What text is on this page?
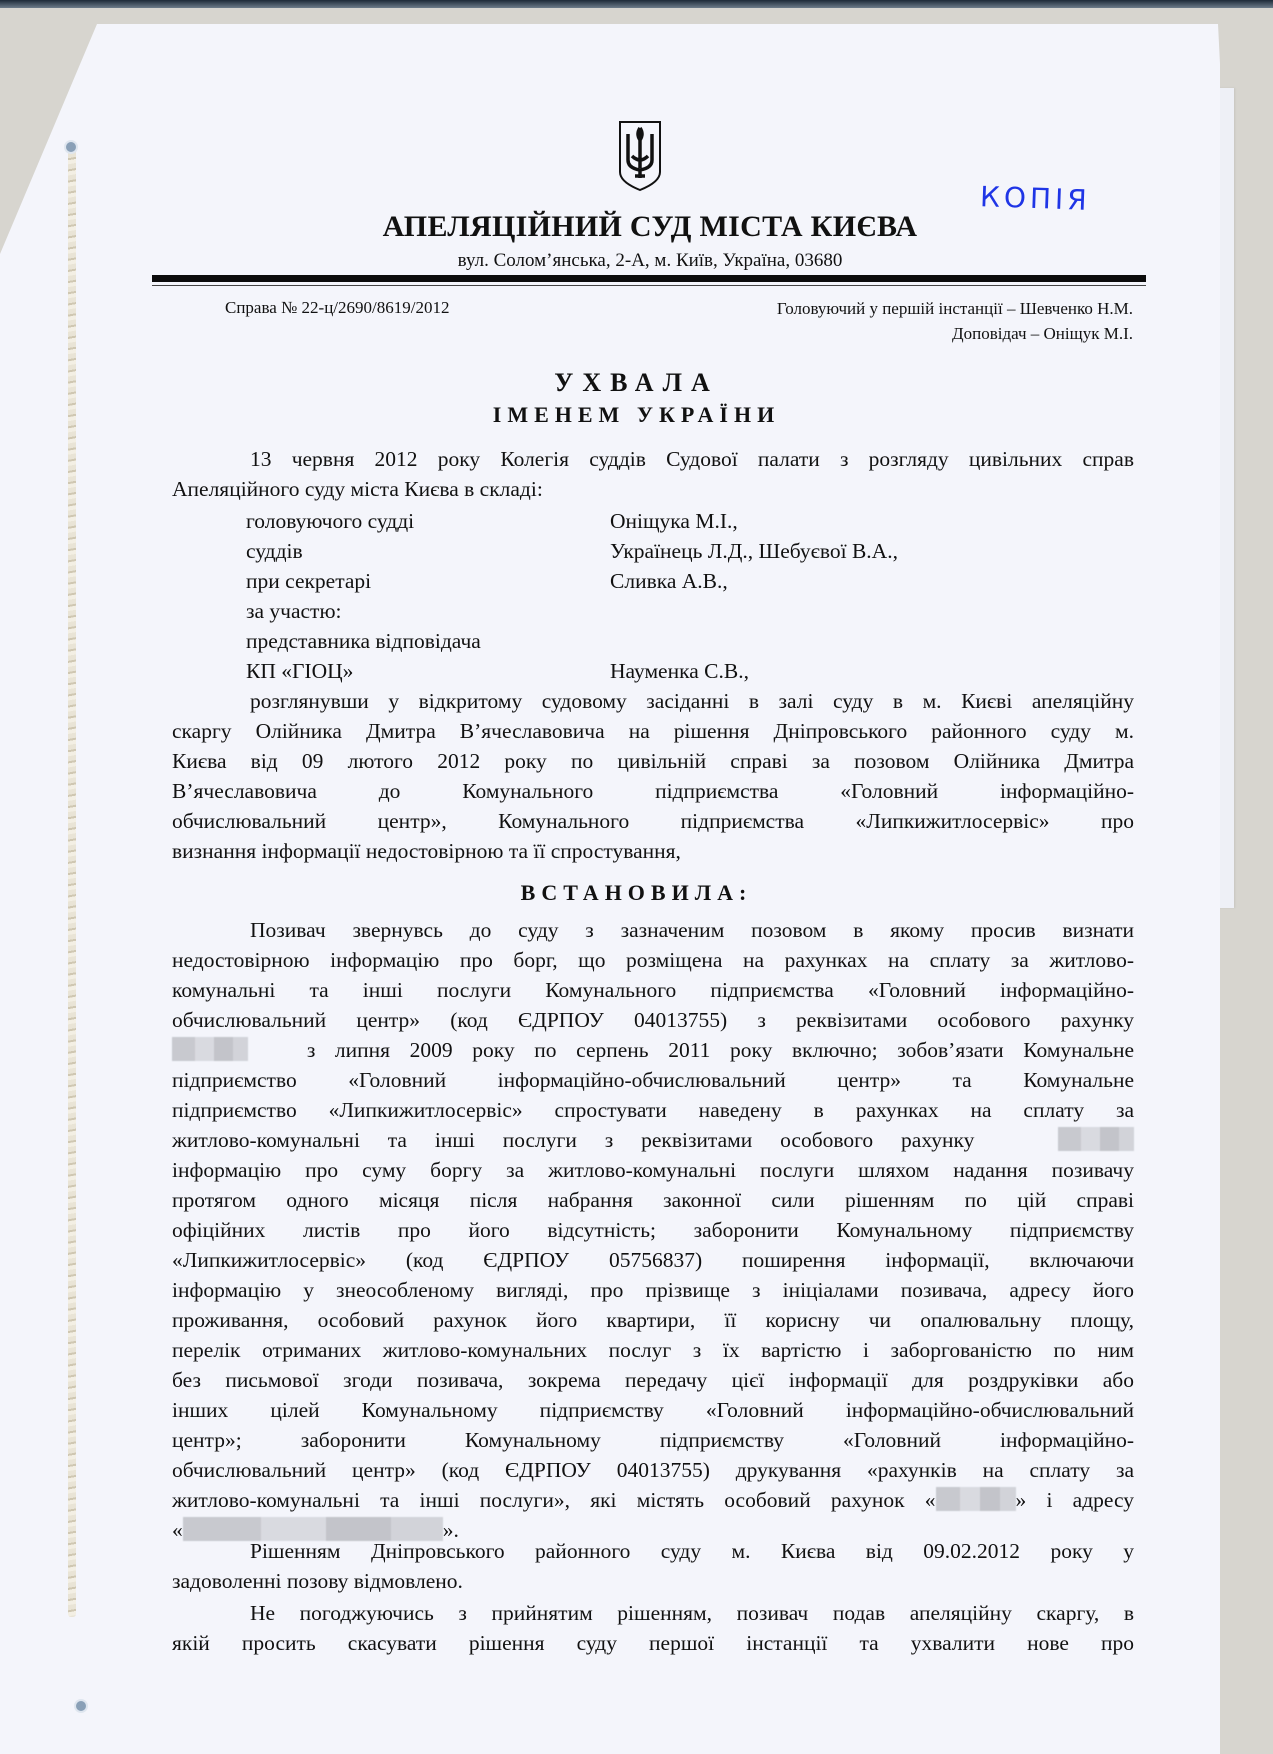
КОПІЯ
АПЕЛЯЦІЙНИЙ СУД МІСТА КИЄВА
вул. Солом’янська, 2-А, м. Київ, Україна, 03680
Справа № 22-ц/2690/8619/2012	Головуючий у першій інстанції – Шевченко Н.М.
Доповідач – Оніщук М.І.
УХВАЛА
ІМЕНЕМ УКРАЇНИ
13 червня 2012 року Колегія суддів Судової палати з розгляду цивільних справ
Апеляційного суду міста Києва в складі:
головуючого судді	Оніщука М.І.,
суддів	Українець Л.Д., Шебуєвої В.А.,
при секретарі	Сливка А.В.,
за участю:
представника відповідача
КП «ГІОЦ»	Науменка С.В.,
розглянувши у відкритому судовому засіданні в залі суду в м. Києві апеляційну
скаргу Олійника Дмитра В’ячеславовича на рішення Дніпровського районного суду м.
Києва від 09 лютого 2012 року по цивільній справі за позовом Олійника Дмитра
В’ячеславовича до Комунального підприємства «Головний інформаційно-
обчислювальний центр», Комунального підприємства «Липкижитлосервіс» про
визнання інформації недостовірною та її спростування,
ВСТАНОВИЛА:
Позивач звернувсь до суду з зазначеним позовом в якому просив визнати
недостовірною інформацію про борг, що розміщена на рахунках на сплату за житлово-
комунальні та інші послуги Комунального підприємства «Головний інформаційно-
обчислювальний центр» (код ЄДРПОУ 04013755) з реквізитами особового рахунку
з липня 2009 року по серпень 2011 року включно; зобов’язати Комунальне
підприємство «Головний інформаційно-обчислювальний центр» та Комунальне
підприємство «Липкижитлосервіс» спростувати наведену в рахунках на сплату за
житлово-комунальні та інші послуги з реквізитами особового рахунку
інформацію про суму боргу за житлово-комунальні послуги шляхом надання позивачу
протягом одного місяця після набрання законної сили рішенням по цій справі
офіційних листів про його відсутність; заборонити Комунальному підприємству
«Липкижитлосервіс» (код ЄДРПОУ 05756837) поширення інформації, включаючи
інформацію у знеособленому вигляді, про прізвище з ініціалами позивача, адресу його
проживання, особовий рахунок його квартири, її корисну чи опалювальну площу,
перелік отриманих житлово-комунальних послуг з їх вартістю і заборгованістю по ним
без письмової згоди позивача, зокрема передачу цієї інформації для роздруківки або
інших цілей Комунальному підприємству «Головний інформаційно-обчислювальний
центр»; заборонити Комунальному підприємству «Головний інформаційно-
обчислювальний центр» (код ЄДРПОУ 04013755) друкування «рахунків на сплату за
житлово-комунальні та інші послуги», які містять особовий рахунок «	» і адресу
«	».
Рішенням Дніпровського районного суду м. Києва від 09.02.2012 року у
задоволенні позову відмовлено.
Не погоджуючись з прийнятим рішенням, позивач подав апеляційну скаргу, в
якій просить скасувати рішення суду першої інстанції та ухвалити нове про
